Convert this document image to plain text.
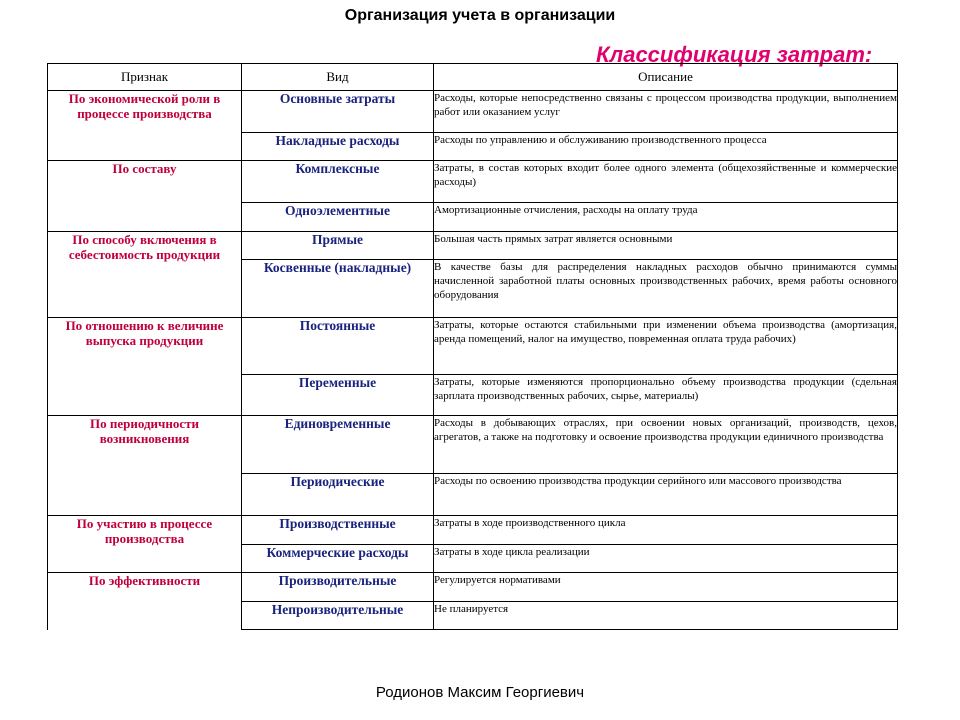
Организация учета в организации
Классификация затрат:
Признак	Вид	Описание
По экономической роли в процессе производства	Основные затраты	Расходы, которые непосредственно связаны с процессом производства продукции, выполнением работ или оказанием услуг
	Накладные расходы	Расходы по управлению и обслуживанию производственного процесса
По составу	Комплексные	Затраты, в состав которых входит более одного элемента (общехозяйственные и коммерческие расходы)
	Одноэлементные	Амортизационные отчисления, расходы на оплату труда
По способу включения в себестоимость продукции	Прямые	Большая часть прямых затрат является основными
	Косвенные (накладные)	В качестве базы для распределения накладных расходов обычно принимаются суммы начисленной заработной платы основных производственных рабочих, время работы основного оборудования
По отношению к величине выпуска продукции	Постоянные	Затраты, которые остаются стабильными при изменении объема производства (амортизация, аренда помещений, налог на имущество, повременная оплата труда рабочих)
	Переменные	Затраты, которые изменяются пропорционально объему производства продукции (сдельная зарплата производственных рабочих, сырье, материалы)
По периодичности возникновения	Единовременные	Расходы в добывающих отраслях, при освоении новых организаций, производств, цехов, агрегатов, а также на подготовку и освоение производства продукции единичного производства
	Периодические	Расходы по освоению производства продукции серийного или массового производства
По участию в процессе производства	Производственные	Затраты в ходе производственного цикла
	Коммерческие расходы	Затраты в ходе цикла реализации
По эффективности	Производительные	Регулируется нормативами
	Непроизводительные	Не планируется
Родионов Максим Георгиевич
